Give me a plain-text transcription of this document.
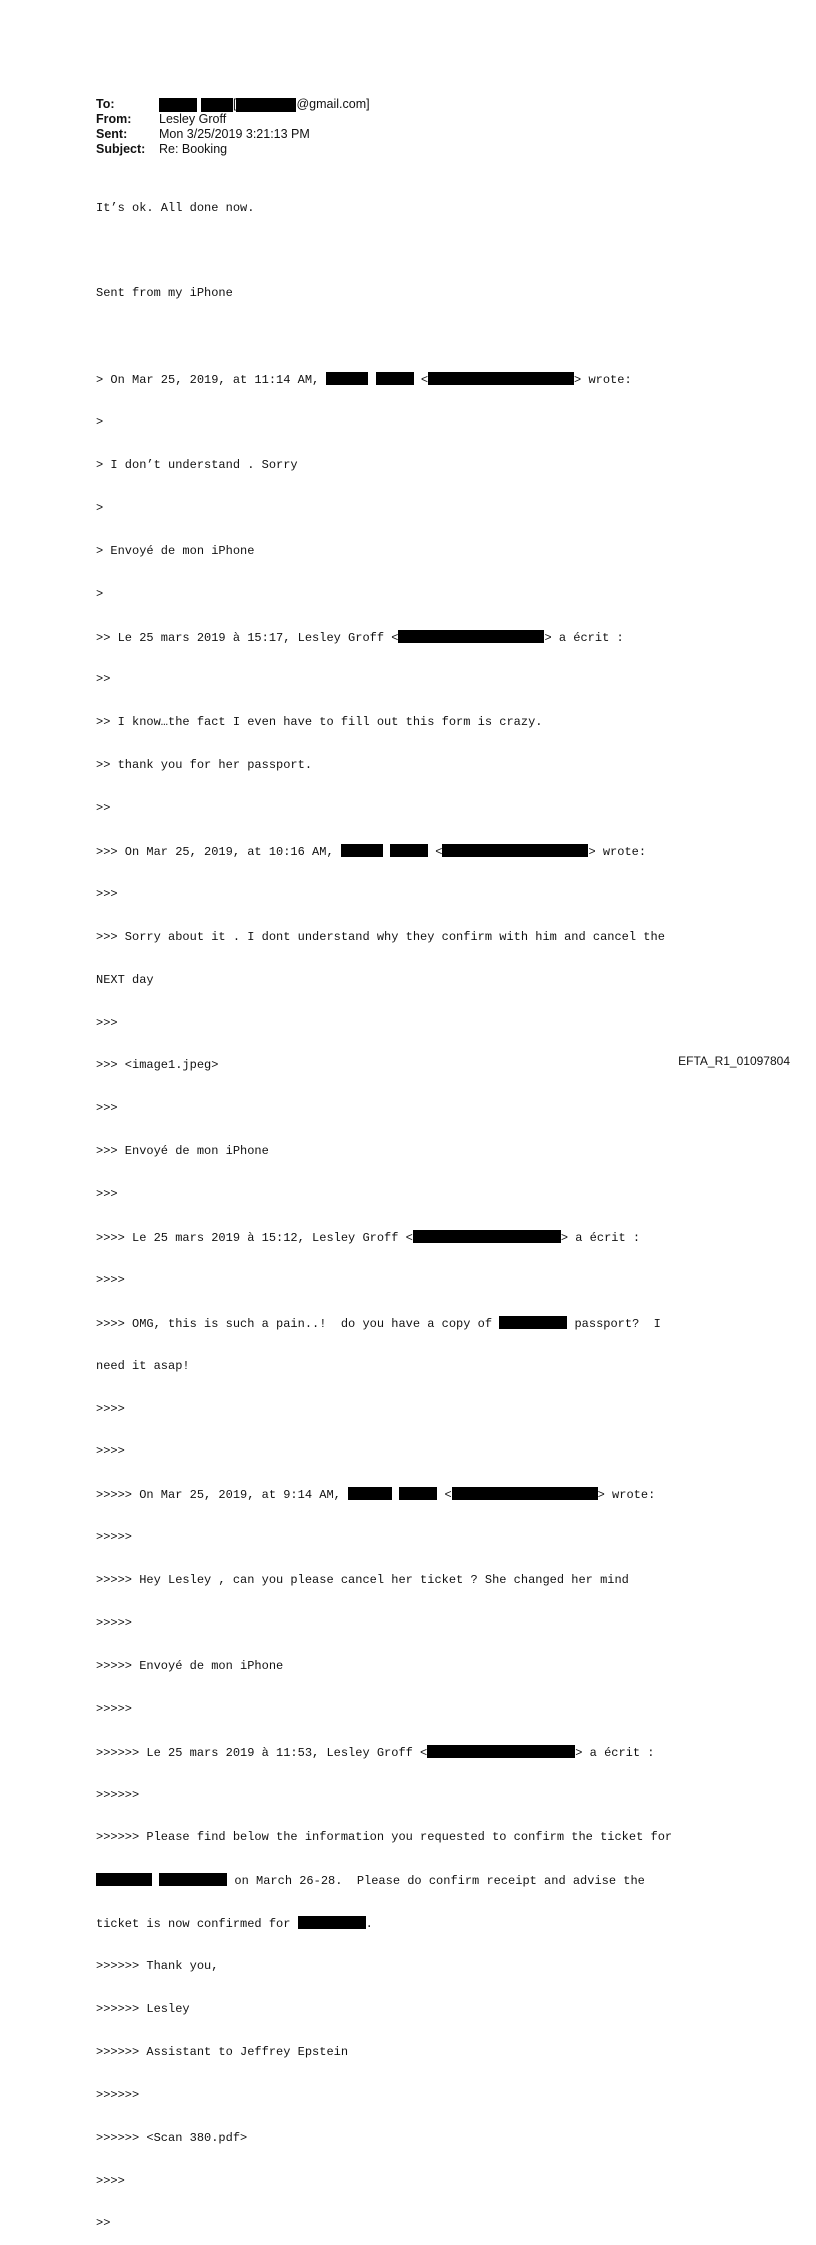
To:	[	@gmail.com]
From:	Lesley Groff
Sent:	Mon 3/25/2019 3:21:13 PM
Subject:	Re: Booking

It’s ok. All done now.

Sent from my iPhone

> On Mar 25, 2019, at 11:14 AM,	<	> wrote:

>

> I don’t understand . Sorry

>

> Envoyé de mon iPhone

>

>> Le 25 mars 2019 à 15:17, Lesley Groff <	> a écrit :

>>

>> I know…the fact I even have to fill out this form is crazy.

>> thank you for her passport.

>>

>>> On Mar 25, 2019, at 10:16 AM,	<	> wrote:

>>>

>>> Sorry about it . I dont understand why they confirm with him and cancel the

NEXT day

>>>

>>> <image1.jpeg>

>>>

>>> Envoyé de mon iPhone

>>>

>>>> Le 25 mars 2019 à 15:12, Lesley Groff <	> a écrit :

>>>>

>>>> OMG, this is such a pain..!  do you have a copy of	passport?  I

need it asap!

>>>>

>>>>

>>>>> On Mar 25, 2019, at 9:14 AM,	<	> wrote:

>>>>>

>>>>> Hey Lesley , can you please cancel her ticket ? She changed her mind

>>>>>

>>>>> Envoyé de mon iPhone

>>>>>

>>>>>> Le 25 mars 2019 à 11:53, Lesley Groff <	> a écrit :

>>>>>>

>>>>>> Please find below the information you requested to confirm the ticket for

on March 26-28.  Please do confirm receipt and advise the

ticket is now confirmed for	.

>>>>>> Thank you,

>>>>>> Lesley

>>>>>> Assistant to Jeffrey Epstein

>>>>>>

>>>>>> <Scan 380.pdf>

>>>>

>>

EFTA_R1_01097804
